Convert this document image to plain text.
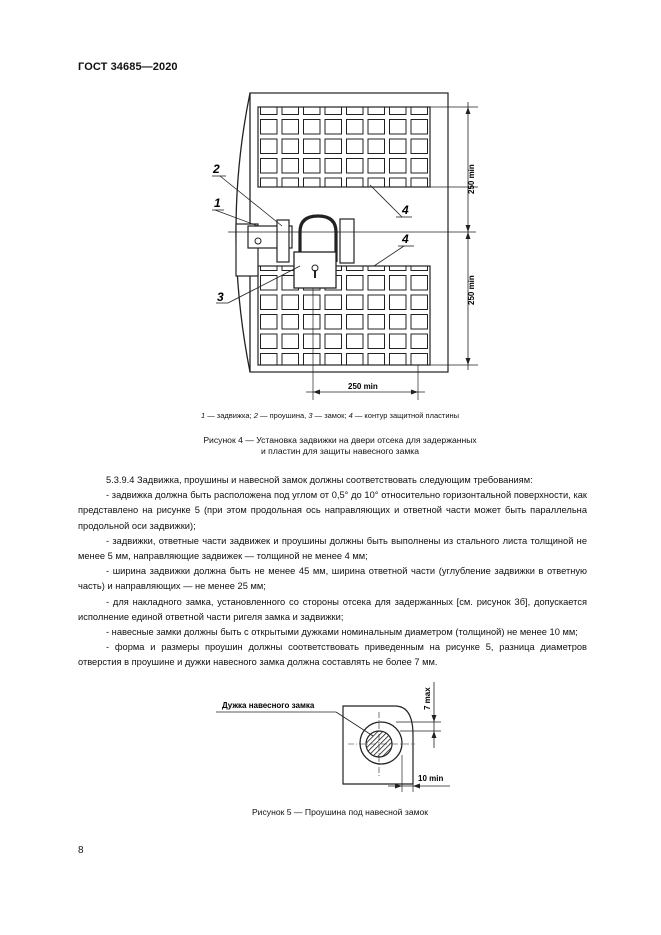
ГОСТ 34685—2020
250 min
250 min
250 min
2
1
3
4
4
1 — задвижка; 2 — проушина, 3 — замок; 4 — контур защитной пластины
Рисунок 4 — Установка задвижки на двери отсека для задержанных
и пластин для защиты навесного замка

5.3.9.4 Задвижка, проушины и навесной замок должны соответствовать следующим требованиям:

- задвижка должна быть расположена под углом от 0,5° до 10° относительно горизонтальной поверхности, как представлено на рисунке 5 (при этом продольная ось направляющих и ответной части может быть параллельна продольной оси задвижки);

- задвижки, ответные части задвижек и проушины должны быть выполнены из стального листа толщиной не менее 5 мм, направляющие задвижек — толщиной не менее 4 мм;

- ширина задвижки должна быть не менее 45 мм, ширина ответной части (углубление задвижки в ответную часть) и направляющих — не менее 25 мм;

- для накладного замка, установленного со стороны отсека для задержанных [см. рисунок 3б], допускается исполнение единой ответной части ригеля замка и задвижки;

- навесные замки должны быть с открытыми дужками номинальным диаметром (толщиной) не менее 10 мм;

- форма и размеры проушин должны соответствовать приведенным на рисунке 5, разница диаметров отверстия в проушине и дужки навесного замка должна составлять не более 7 мм.

Дужка навесного замка	7 max
10 min
Рисунок 5 — Проушина под навесной замок
8
